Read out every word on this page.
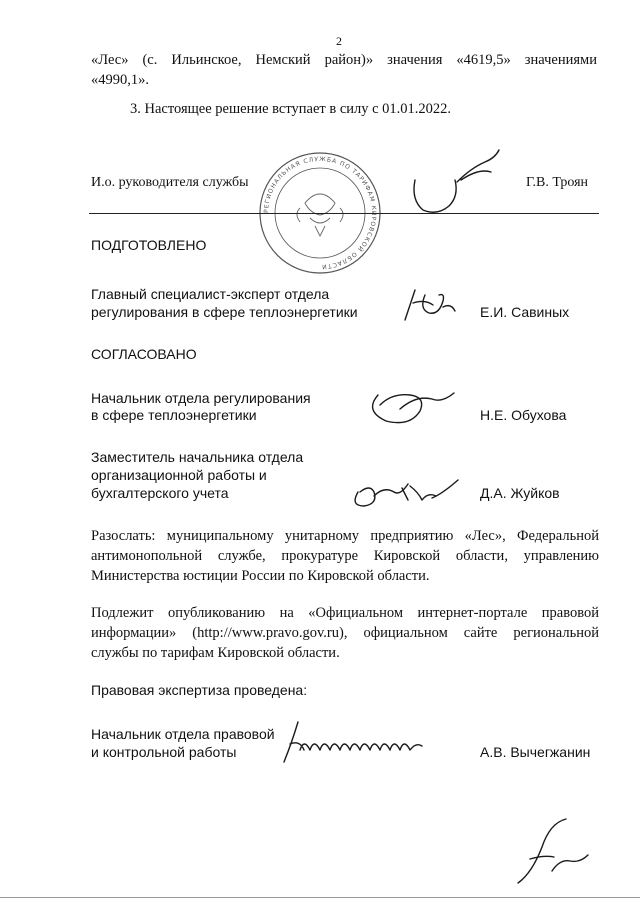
2
«Лес» (с. Ильинское, Немский район)» значения «4619,5» значениями
«4990,1».
3. Настоящее решение вступает в силу с 01.01.2022.
И.о. руководителя службы	Г.В. Троян
РЕГИОНАЛЬНАЯ СЛУЖБА ПО ТАРИФАМ К РОВСКОЙ ОБЛАСТИ
ПОДГОТОВЛЕНО
Главный специалист-эксперт отдела
регулирования в сфере теплоэнергетики	Е.И. Савиных
СОГЛАСОВАНО
Начальник отдела регулирования
в сфере теплоэнергетики	Н.Е. Обухова
Заместитель начальника отдела
организационной работы и
бухгалтерского учета	Д.А. Жуйков
Разослать: муниципальному унитарному предприятию «Лес», Федеральной
антимонопольной службе, прокуратуре Кировской области, управлению
Министерства юстиции России по Кировской области.
Подлежит опубликованию на «Официальном интернет-портале правовой
информации» (http://www.pravo.gov.ru), официальном сайте региональной
службы по тарифам Кировской области.
Правовая экспертиза проведена:
Начальник отдела правовой
и контрольной работы	А.В. Вычегжанин
